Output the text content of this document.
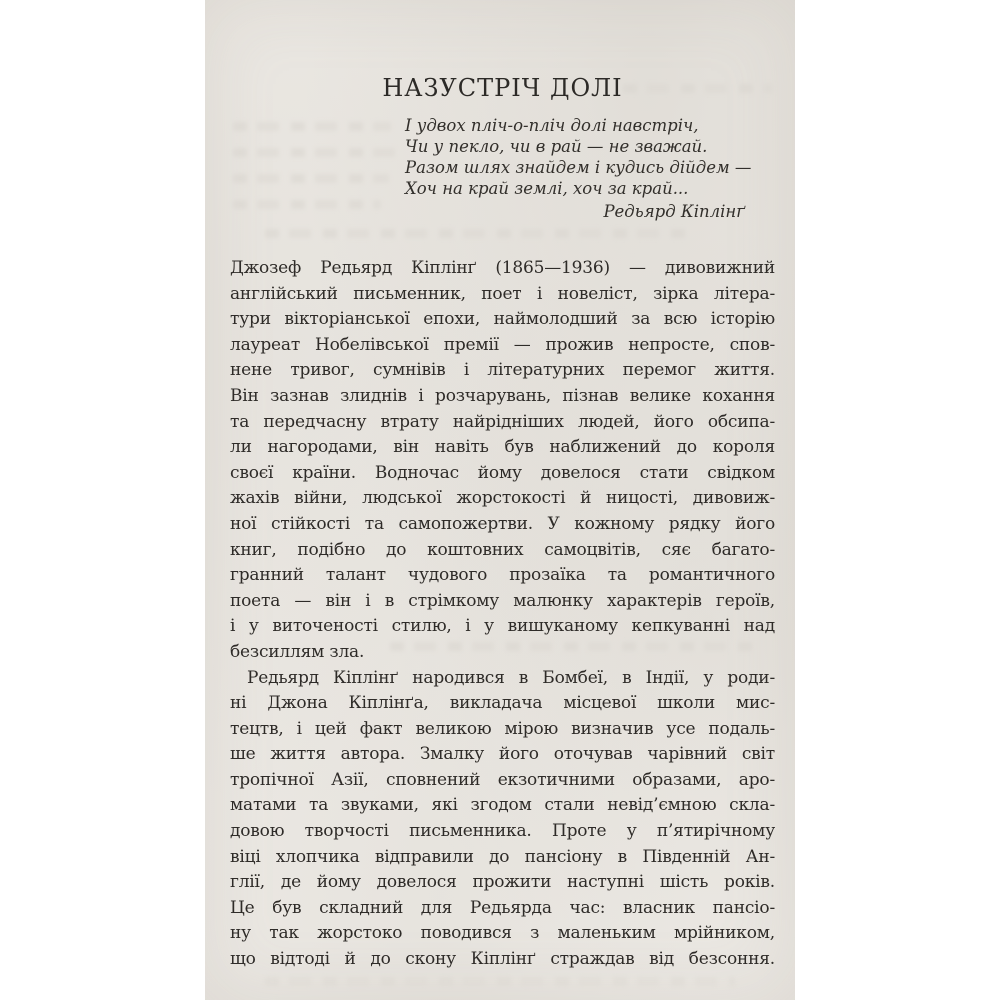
НАЗУСТРІЧ ДОЛІ
І удвох пліч-о-пліч долі навстріч,
Чи у пекло, чи в рай — не зважай.
Разом шлях знайдем і кудись дійдем —
Хоч на край землі, хоч за край...
Редьярд Кіплінґ
Джозеф Редьярд Кіплінґ (1865—1936) — дивовижний
англійський письменник, поет і новеліст, зірка літера-
тури вікторіанської епохи, наймолодший за всю історію
лауреат Нобелівської премії — прожив непросте, спов-
нене тривог, сумнівів і літературних перемог життя.
Він зазнав злиднів і розчарувань, пізнав велике кохання
та передчасну втрату найрідніших людей, його обсипа-
ли нагородами, він навіть був наближений до короля
своєї країни. Водночас йому довелося стати свідком
жахів війни, людської жорстокості й ницості, дивовиж-
ної стійкості та самопожертви. У кожному рядку його
книг, подібно до коштовних самоцвітів, сяє багато-
гранний талант чудового прозаїка та романтичного
поета — він і в стрімкому малюнку характерів героїв,
і у виточеності стилю, і у вишуканому кепкуванні над
безсиллям зла.
Редьярд Кіплінґ народився в Бомбеї, в Індії, у роди-
ні Джона Кіплінґа, викладача місцевої школи мис-
тецтв, і цей факт великою мірою визначив усе подаль-
ше життя автора. Змалку його оточував чарівний світ
тропічної Азії, сповнений екзотичними образами, аро-
матами та звуками, які згодом стали невід’ємною скла-
довою творчості письменника. Проте у п’ятирічному
віці хлопчика відправили до пансіону в Південній Ан-
глії, де йому довелося прожити наступні шість років.
Це був складний для Редьярда час: власник пансіо-
ну так жорстоко поводився з маленьким мрійником,
що відтоді й до скону Кіплінґ страждав від безсоння.
